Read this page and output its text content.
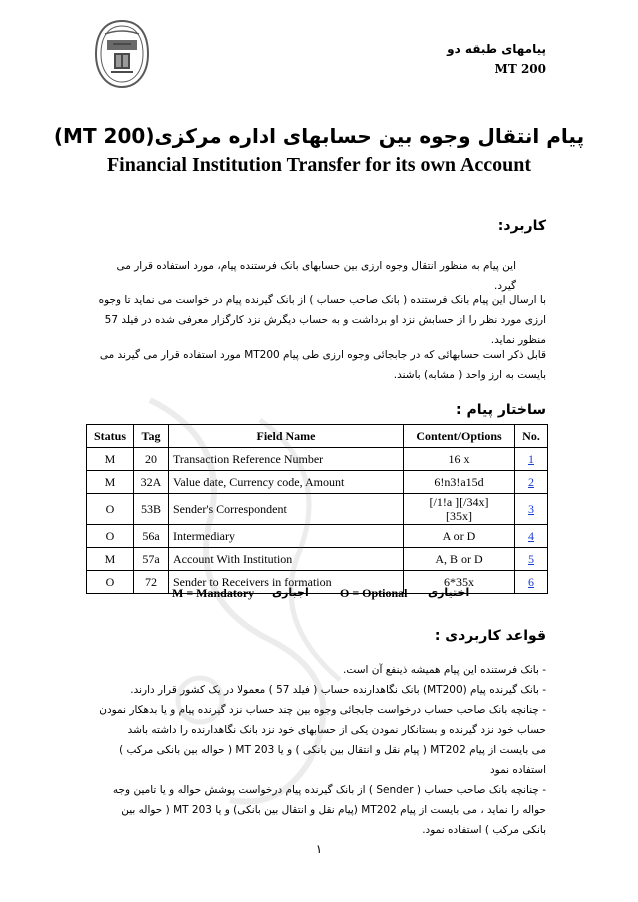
پیامهای طبقه دو
MT 200
پیام انتقال وجوه بین حسابهای اداره مرکزی(MT 200)
Financial Institution Transfer for its own Account
کاربرد:
این پیام به منظور انتقال وجوه ارزی بین حسابهای بانک فرستنده پیام، مورد استفاده قرار می گیرد.
با ارسال این پیام بانک فرستنده ( بانک صاحب حساب ) از بانک گیرنده پیام در خواست می نماید تا وجوه ارزی مورد نظر را از حسابش نزد او برداشت و به حساب دیگرش نزد کارگزار معرفی شده در فیلد 57 منظور نماید.
قابل ذکر است حسابهائی که در جابجائی وجوه ارزی طی پیام MT200 مورد استفاده قرار می گیرند می بایست به ارز واحد ( مشابه) باشند.
ساختار پیام :
Status	Tag	Field Name	Content/Options	No.
M	20	Transaction Reference Number	16 x	1
M	32A	Value date, Currency code, Amount	6!n3!a15d	2
O	53B	Sender's Correspondent	[/1!a ][/34x]
[35x]	3
O	56a	Intermediary	A or D	4
M	57a	Account With Institution	A, B or D	5
O	72	Sender to Receivers in formation	6*35x	6
M = Mandatory اجباری	O = Optional اختیاری
قواعد کاربردی :
- بانک فرستنده این پیام همیشه ذینفع آن است.
- بانک گیرنده پیام (MT200) بانک نگاهدارنده حساب ( فیلد 57 ) معمولا در یک کشور قرار دارند.
- چنانچه بانک صاحب حساب درخواست جابجائی وجوه بین چند حساب نزد گیرنده پیام و یا بدهکار نمودن
حساب خود نزد گیرنده و بستانکار نمودن یکی از حسابهای خود نزد بانک نگاهدارنده را داشته باشد
می بایست از پیام MT202 ( پیام نقل و انتقال بین بانکی ) و یا MT 203 ( حواله بین بانکی مرکب )
استفاده نمود
- چنانچه بانک صاحب حساب ( Sender ) از بانک گیرنده پیام درخواست پوشش حواله و یا تامین وجه
حواله را نماید ، می بایست از پیام MT202 (پیام نقل و انتقال بین بانکی) و یا MT 203 ( حواله بین
بانکی مرکب ) استفاده نمود.
۱
